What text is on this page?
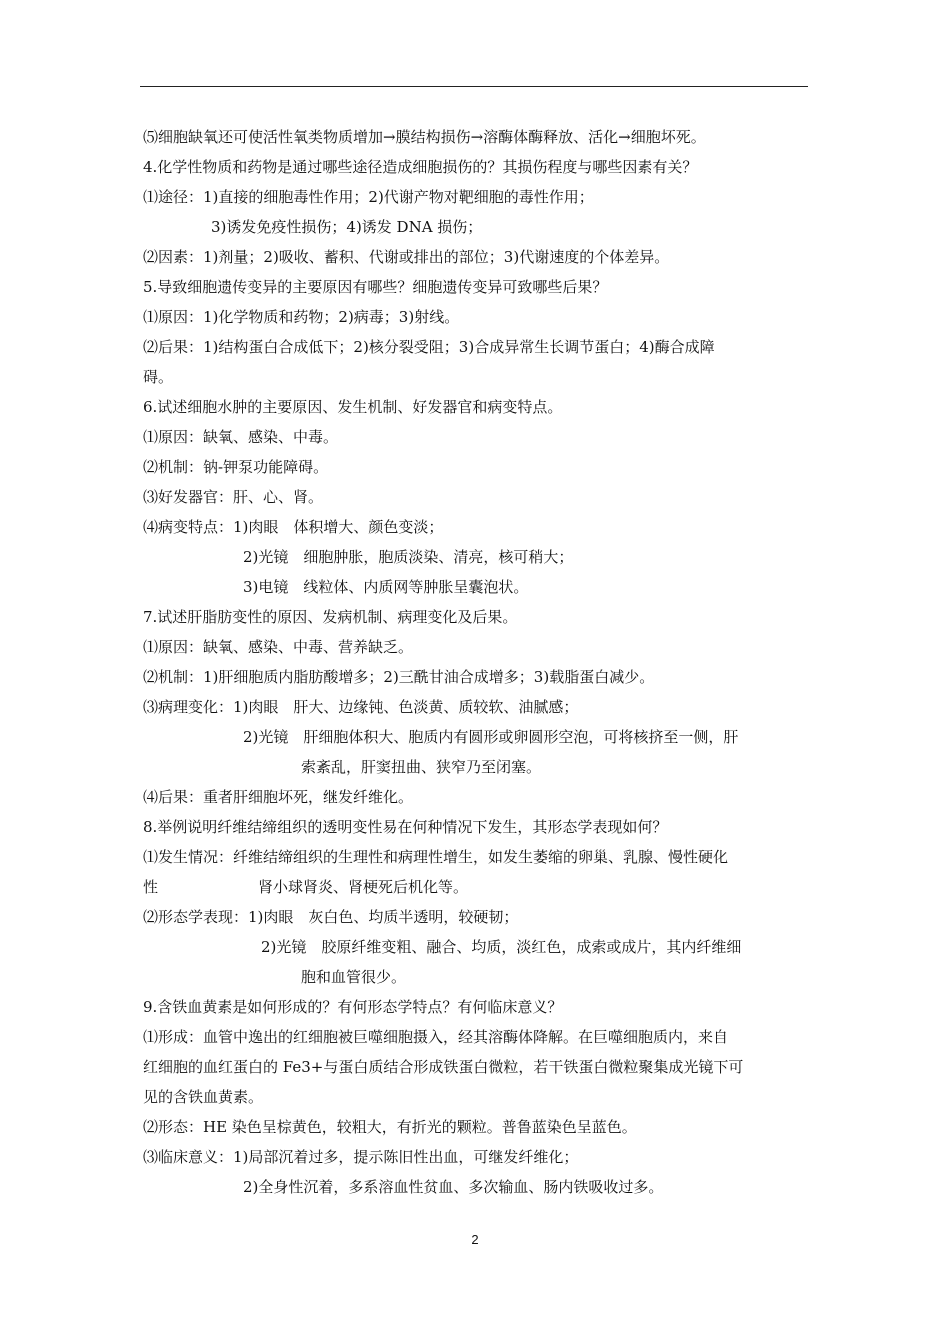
⑸细胞缺氧还可使活性氧类物质增加→膜结构损伤→溶酶体酶释放、活化→细胞坏死。
4.化学性物质和药物是通过哪些途径造成细胞损伤的？其损伤程度与哪些因素有关？
⑴途径：1)直接的细胞毒性作用；2)代谢产物对靶细胞的毒性作用；
3)诱发免疫性损伤；4)诱发 DNA 损伤；
⑵因素：1)剂量；2)吸收、蓄积、代谢或排出的部位；3)代谢速度的个体差异。
5.导致细胞遗传变异的主要原因有哪些？细胞遗传变异可致哪些后果？
⑴原因：1)化学物质和药物；2)病毒；3)射线。
⑵后果：1)结构蛋白合成低下；2)核分裂受阻；3)合成异常生长调节蛋白；4)酶合成障
碍。
6.试述细胞水肿的主要原因、发生机制、好发器官和病变特点。
⑴原因：缺氧、感染、中毒。
⑵机制：钠-钾泵功能障碍。
⑶好发器官：肝、心、肾。
⑷病变特点：1)肉眼　体积增大、颜色变淡；
2)光镜　细胞肿胀，胞质淡染、清亮，核可稍大；
3)电镜　线粒体、内质网等肿胀呈囊泡状。
7.试述肝脂肪变性的原因、发病机制、病理变化及后果。
⑴原因：缺氧、感染、中毒、营养缺乏。
⑵机制：1)肝细胞质内脂肪酸增多；2)三酰甘油合成增多；3)载脂蛋白减少。
⑶病理变化：1)肉眼　肝大、边缘钝、色淡黄、质较软、油腻感；
2)光镜　肝细胞体积大、胞质内有圆形或卵圆形空泡，可将核挤至一侧，肝
索紊乱，肝窦扭曲、狭窄乃至闭塞。
⑷后果：重者肝细胞坏死，继发纤维化。
8.举例说明纤维结缔组织的透明变性易在何种情况下发生，其形态学表现如何？
⑴发生情况：纤维结缔组织的生理性和病理性增生，如发生萎缩的卵巢、乳腺、慢性硬化
性	肾小球肾炎、肾梗死后机化等。
⑵形态学表现：1)肉眼　灰白色、均质半透明，较硬韧；
2)光镜　胶原纤维变粗、融合、均质，淡红色，成索或成片，其内纤维细
胞和血管很少。
9.含铁血黄素是如何形成的？有何形态学特点？有何临床意义？
⑴形成：血管中逸出的红细胞被巨噬细胞摄入，经其溶酶体降解。在巨噬细胞质内，来自
红细胞的血红蛋白的 Fe3+与蛋白质结合形成铁蛋白微粒，若干铁蛋白微粒聚集成光镜下可
见的含铁血黄素。
⑵形态：HE 染色呈棕黄色，较粗大，有折光的颗粒。普鲁蓝染色呈蓝色。
⑶临床意义：1)局部沉着过多，提示陈旧性出血，可继发纤维化；
2)全身性沉着，多系溶血性贫血、多次输血、肠内铁吸收过多。
2
